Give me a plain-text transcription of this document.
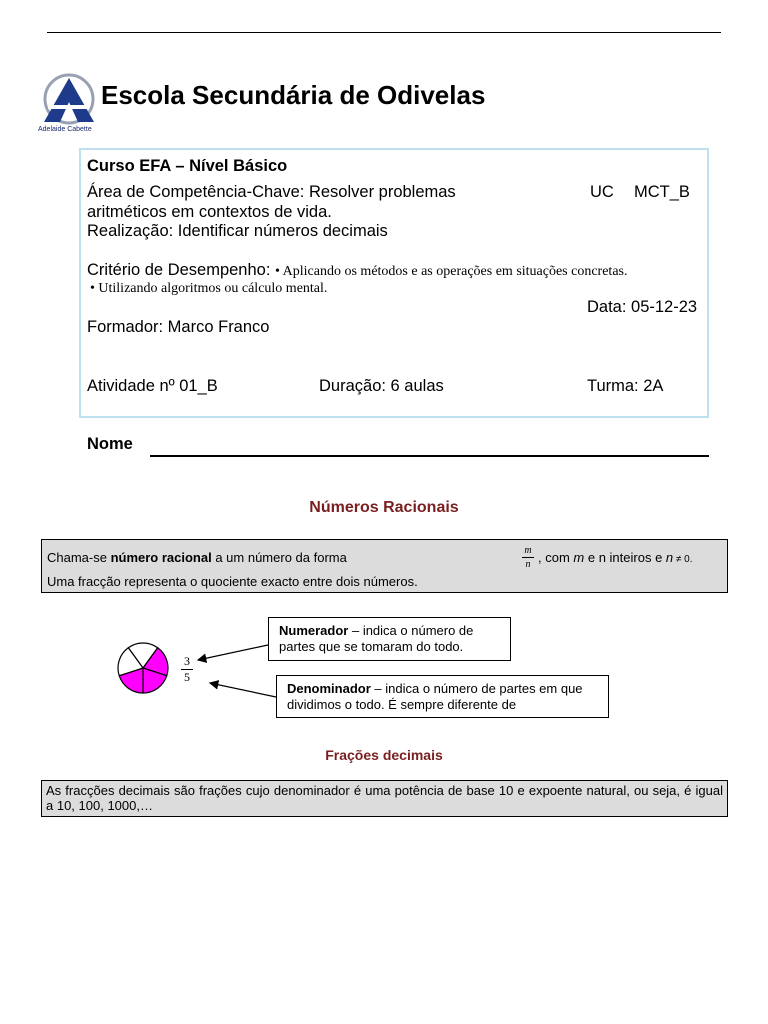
Adelaide Cabette
Escola Secundária de Odivelas
Curso EFA – Nível Básico
Área de Competência-Chave: Resolver problemas
aritméticos em contextos de vida.
UC MCT_B
Realização: Identificar números decimais
Critério de Desempenho: • Aplicando os métodos e as operações em situações concretas.
• Utilizando algoritmos ou cálculo mental.
Data: 05-12-23
Formador: Marco Franco
Atividade nº 01_B	Duração: 6 aulas	Turma: 2A
Nome
Números Racionais
Chama-se número racional a um número da forma	m
n , com m e n inteiros e n ≠ 0.
Uma fracção representa o quociente exacto entre dois números.
3
5
Numerador – indica o número de partes que se tomaram do todo.
Denominador – indica o número de partes em que dividimos o todo. É sempre diferente de
Frações decimais
As fracções decimais são frações cujo denominador é uma potência de base 10 e expoente natural, ou seja, é igual a 10, 100, 1000,…
